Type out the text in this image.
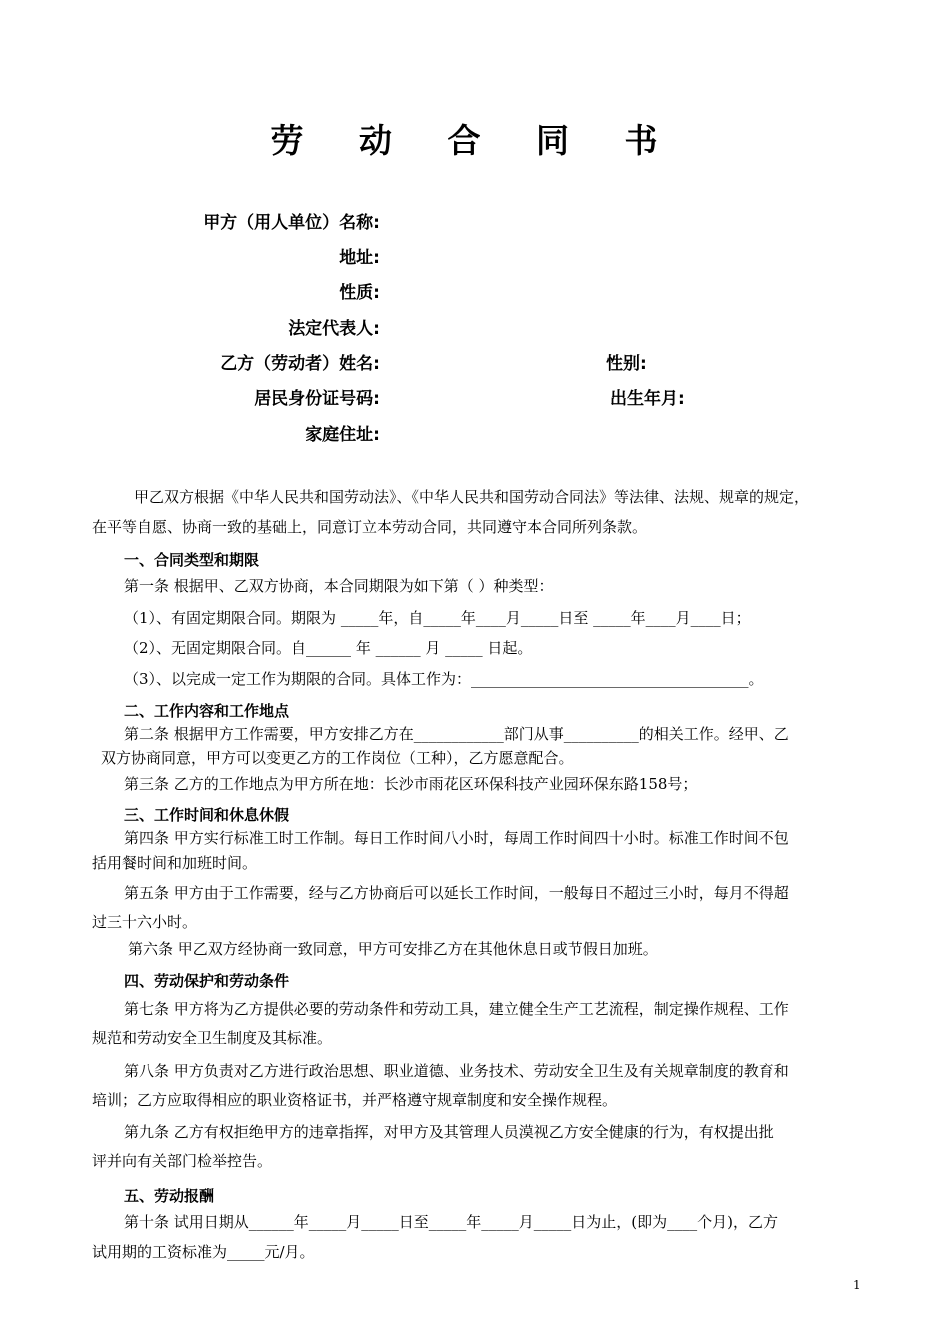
劳 动 合 同 书
甲方（用人单位）名称:
地址:
性质:
法定代表人:
乙方（劳动者）姓名:	性别:
居民身份证号码:	出生年月:
家庭住址:
甲乙双方根据《中华人民共和国劳动法》、《中华人民共和国劳动合同法》等法律、法规、规章的规定，
在平等自愿、协商一致的基础上，同意订立本劳动合同，共同遵守本合同所列条款。
一、合同类型和期限
第一条 根据甲、乙双方协商，本合同期限为如下第（ ）种类型：
（1）、有固定期限合同。期限为 _____年，自_____年____月_____日至 _____年____月____日；
（2）、无固定期限合同。自______ 年 ______ 月 _____ 日起。
（3）、以完成一定工作为期限的合同。具体工作为：_____________________________________。
二、工作内容和工作地点
第二条 根据甲方工作需要，甲方安排乙方在____________部门从事__________的相关工作。经甲、乙
双方协商同意，甲方可以变更乙方的工作岗位（工种），乙方愿意配合。
第三条 乙方的工作地点为甲方所在地：长沙市雨花区环保科技产业园环保东路158号；
三、工作时间和休息休假
第四条 甲方实行标准工时工作制。每日工作时间八小时，每周工作时间四十小时。标准工作时间不包
括用餐时间和加班时间。
第五条 甲方由于工作需要，经与乙方协商后可以延长工作时间，一般每日不超过三小时，每月不得超
过三十六小时。
第六条 甲乙双方经协商一致同意，甲方可安排乙方在其他休息日或节假日加班。
四、劳动保护和劳动条件
第七条 甲方将为乙方提供必要的劳动条件和劳动工具，建立健全生产工艺流程，制定操作规程、工作
规范和劳动安全卫生制度及其标准。
第八条 甲方负责对乙方进行政治思想、职业道德、业务技术、劳动安全卫生及有关规章制度的教育和
培训；乙方应取得相应的职业资格证书，并严格遵守规章制度和安全操作规程。
第九条 乙方有权拒绝甲方的违章指挥，对甲方及其管理人员漠视乙方安全健康的行为，有权提出批
评并向有关部门检举控告。
五、劳动报酬
第十条 试用日期从______年_____月_____日至_____年_____月_____日为止，(即为____个月)，乙方
试用期的工资标准为_____元/月。
1
